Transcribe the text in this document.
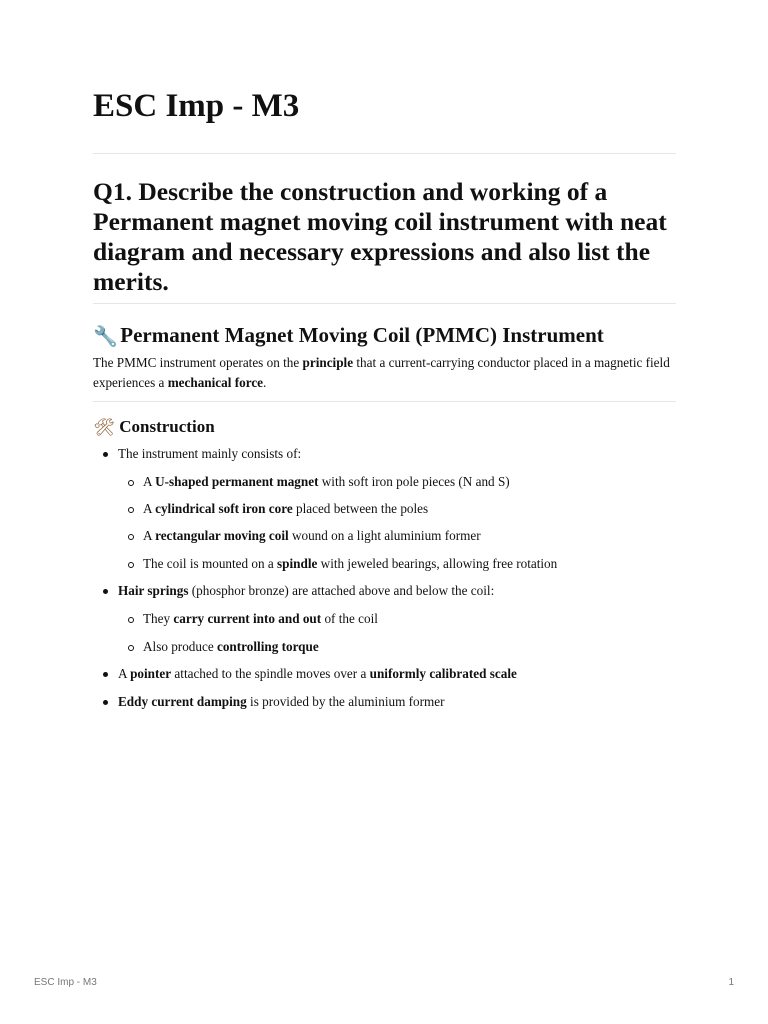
ESC Imp - M3
Q1. Describe the construction and working of a Permanent magnet moving coil instrument with neat diagram and necessary expressions and also list the merits.
🔧 Permanent Magnet Moving Coil (PMMC) Instrument

The PMMC instrument operates on the principle that a current-carrying conductor placed in a magnetic field experiences a mechanical force.

🛠 Construction
The instrument mainly consists of:
A U-shaped permanent magnet with soft iron pole pieces (N and S)
A cylindrical soft iron core placed between the poles
A rectangular moving coil wound on a light aluminium former
The coil is mounted on a spindle with jeweled bearings, allowing free rotation
Hair springs (phosphor bronze) are attached above and below the coil:
They carry current into and out of the coil
Also produce controlling torque
A pointer attached to the spindle moves over a uniformly calibrated scale
Eddy current damping is provided by the aluminium former
ESC Imp - M3	1
